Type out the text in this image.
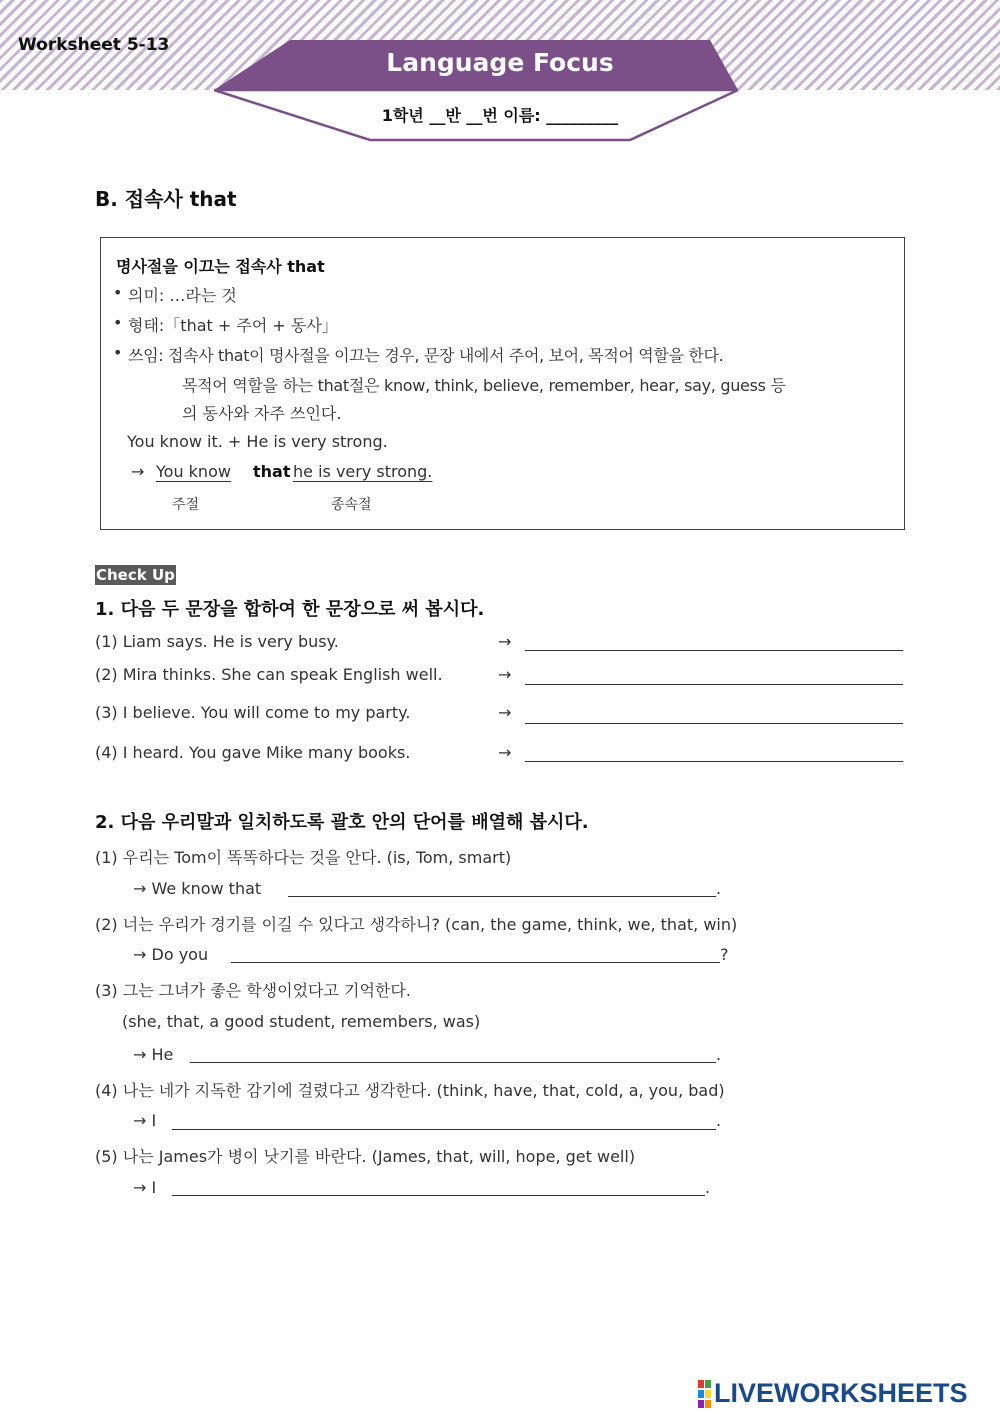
Worksheet 5-13
Language Focus
1학년 __반 __번 이름: _________
B. 접속사 that
명사절을 이끄는 접속사 that
• 의미: …라는 것
• 형태:「that + 주어 + 동사」
• 쓰임: 접속사 that이 명사절을 이끄는 경우, 문장 내에서 주어, 보어, 목적어 역할을 한다.
목적어 역할을 하는 that절은 know, think, believe, remember, hear, say, guess 등
의 동사와 자주 쓰인다.
You know it. + He is very strong.
→ You know that he is very strong.
주절	종속절
Check Up
1. 다음 두 문장을 합하여 한 문장으로 써 봅시다.
(1) Liam says. He is very busy.	→
(2) Mira thinks. She can speak English well.	→
(3) I believe. You will come to my party.	→
(4) I heard. You gave Mike many books.	→
2. 다음 우리말과 일치하도록 괄호 안의 단어를 배열해 봅시다.
(1) 우리는 Tom이 똑똑하다는 것을 안다. (is, Tom, smart)
→ We know that	.
(2) 너는 우리가 경기를 이길 수 있다고 생각하니? (can, the game, think, we, that, win)
→ Do you	?
(3) 그는 그녀가 좋은 학생이었다고 기억한다.
(she, that, a good student, remembers, was)
→ He	.
(4) 나는 네가 지독한 감기에 걸렸다고 생각한다. (think, have, that, cold, a, you, bad)
→ I	.
(5) 나는 James가 병이 낫기를 바란다. (James, that, will, hope, get well)
→ I	.
LIVEWORKSHEETS
